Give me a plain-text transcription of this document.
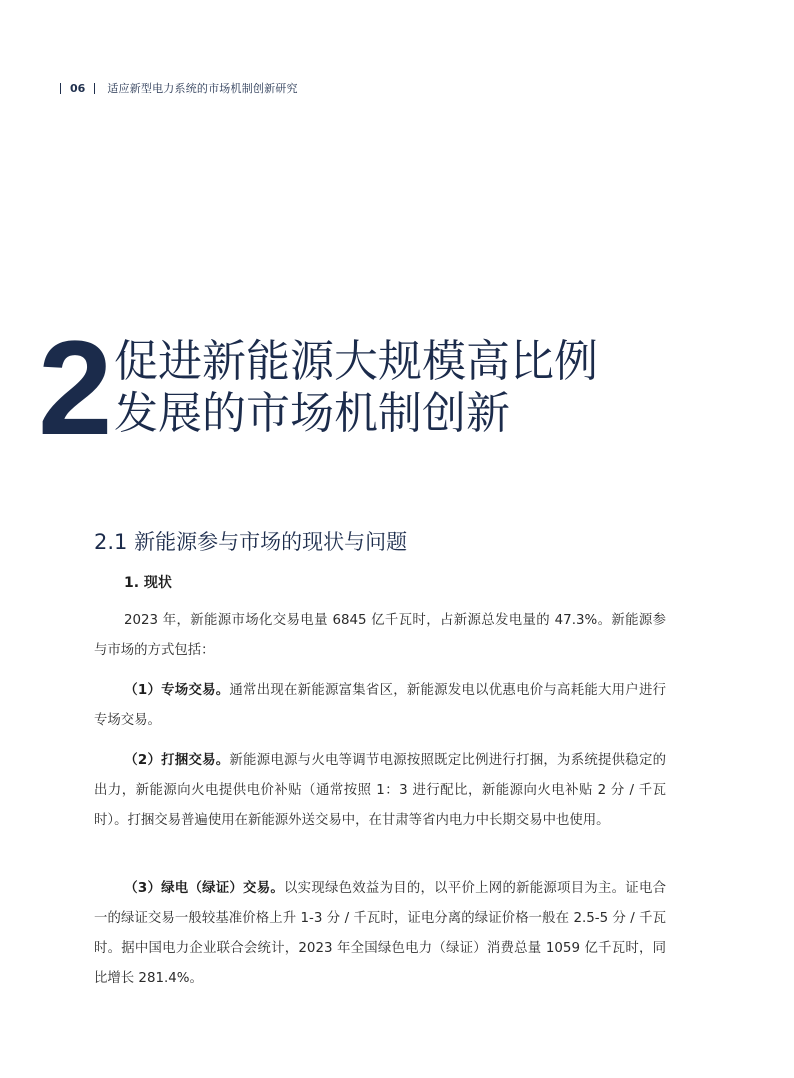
06 适应新型电力系统的市场机制创新研究
2 促进新能源大规模高比例
发展的市场机制创新
2.1 新能源参与市场的现状与问题
1. 现状
2023 年，新能源市场化交易电量 6845 亿千瓦时，占新源总发电量的 47.3%。新能源参与市场的方式包括：
（1）专场交易。通常出现在新能源富集省区，新能源发电以优惠电价与高耗能大用户进行专场交易。
（2）打捆交易。新能源电源与火电等调节电源按照既定比例进行打捆，为系统提供稳定的出力，新能源向火电提供电价补贴（通常按照 1：3 进行配比，新能源向火电补贴 2 分 / 千瓦时）。打捆交易普遍使用在新能源外送交易中，在甘肃等省内电力中长期交易中也使用。
（3）绿电（绿证）交易。以实现绿色效益为目的，以平价上网的新能源项目为主。证电合一的绿证交易一般较基准价格上升 1-3 分 / 千瓦时，证电分离的绿证价格一般在 2.5-5 分 / 千瓦时。据中国电力企业联合会统计，2023 年全国绿色电力（绿证）消费总量 1059 亿千瓦时，同比增长 281.4%。
